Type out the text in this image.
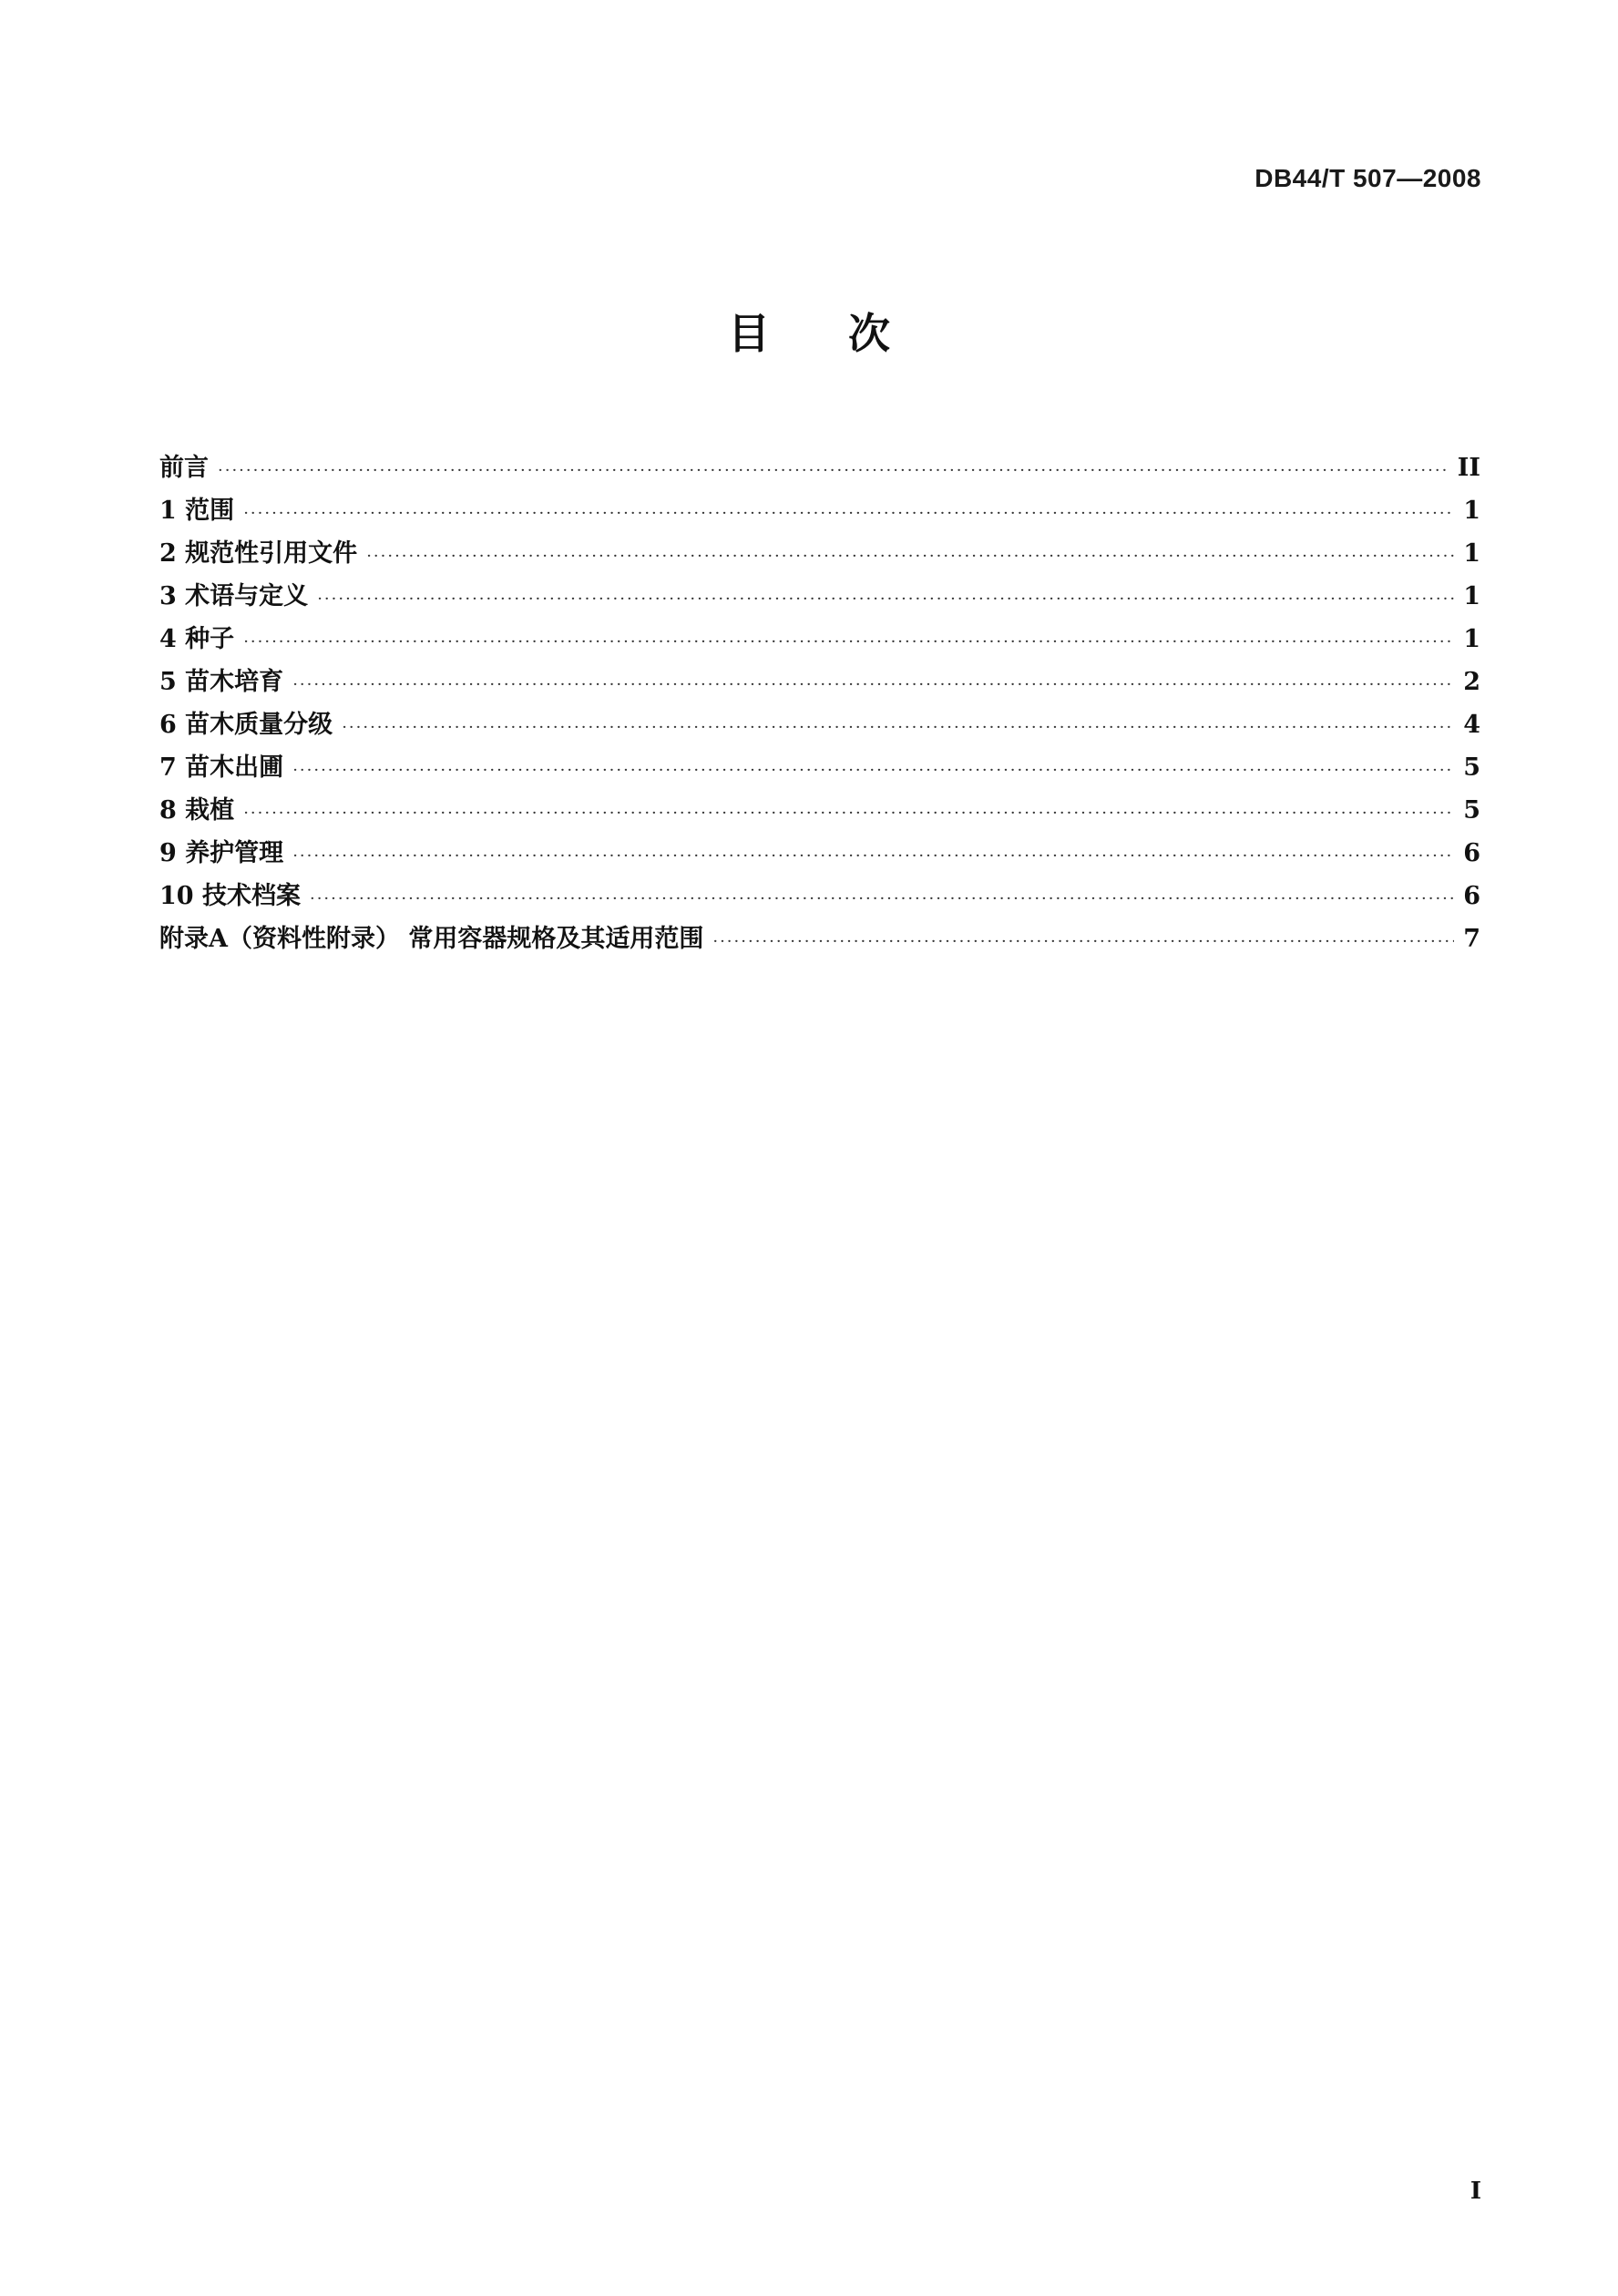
DB44/T 507—2008
目次
前言 ·····	II
1 范围 ·····	1
2 规范性引用文件 ·····	1
3 术语与定义 ·····	1
4 种子 ·····	1
5 苗木培育 ·····	2
6 苗木质量分级 ·····	4
7 苗木出圃 ·····	5
8 栽植 ·····	5
9 养护管理 ·····	6
10 技术档案 ·····	6
附录A（资料性附录） 常用容器规格及其适用范围 ·····	7
I
